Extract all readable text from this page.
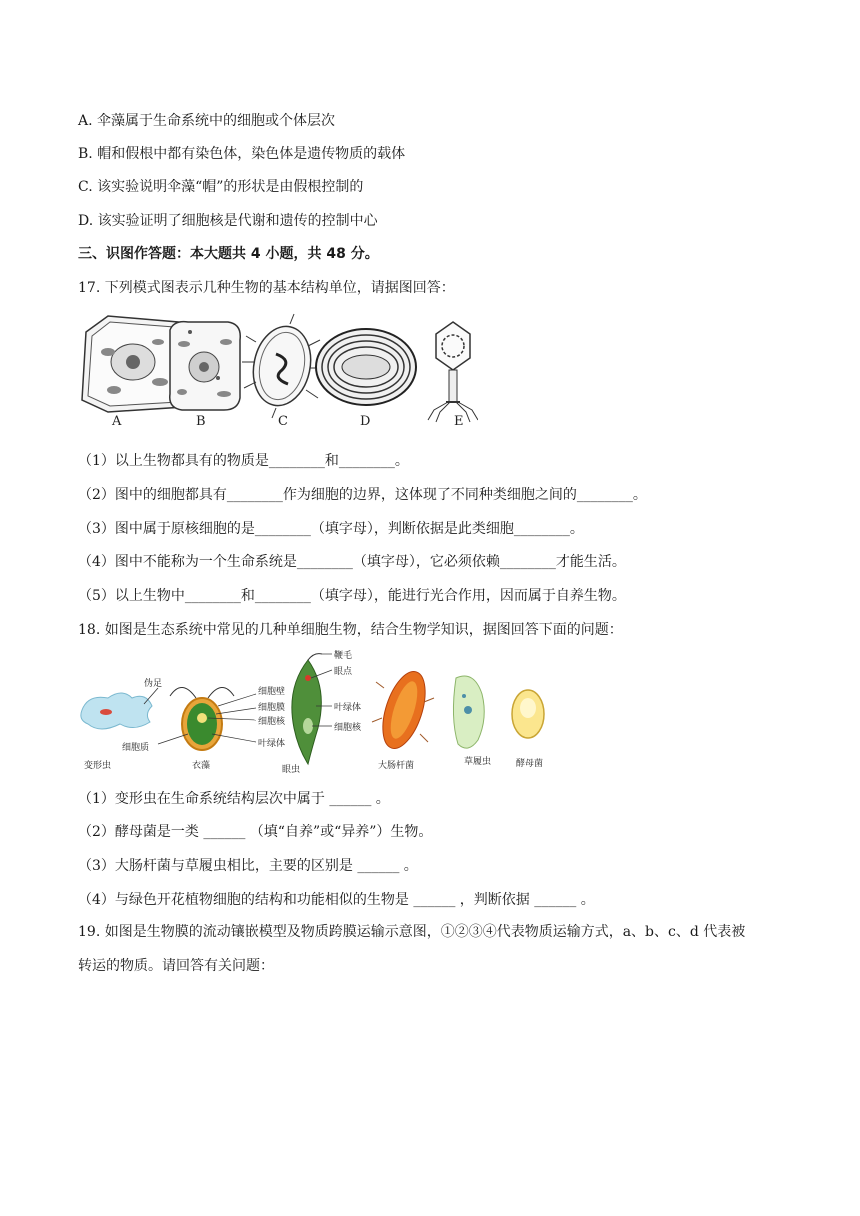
A. 伞藻属于生命系统中的细胞或个体层次
B. 帽和假根中都有染色体，染色体是遗传物质的载体
C. 该实验说明伞藻“帽”的形状是由假根控制的
D. 该实验证明了细胞核是代谢和遗传的控制中心
三、识图作答题：本大题共 4 小题，共 48 分。
17. 下列模式图表示几种生物的基本结构单位，请据图回答：
A	B	C	D	E
（1）以上生物都具有的物质是________和________。
（2）图中的细胞都具有________作为细胞的边界，这体现了不同种类细胞之间的________。
（3）图中属于原核细胞的是________（填字母），判断依据是此类细胞________。
（4）图中不能称为一个生命系统是________（填字母），它必须依赖________才能生活。
（5）以上生物中________和________（填字母），能进行光合作用，因而属于自养生物。
18. 如图是生态系统中常见的几种单细胞生物，结合生物学知识，据图回答下面的问题：
伪足
细胞壁
细胞膜
细胞核
叶绿体
细胞质
鞭毛
眼点
叶绿体
细胞核
变形虫	衣藻	眼虫	大肠杆菌	草履虫	酵母菌
（1）变形虫在生命系统结构层次中属于 ______ 。
（2）酵母菌是一类 ______ （填“自养”或“异养”）生物。
（3）大肠杆菌与草履虫相比，主要的区别是 ______ 。
（4）与绿色开花植物细胞的结构和功能相似的生物是 ______ ，判断依据 ______ 。
19. 如图是生物膜的流动镶嵌模型及物质跨膜运输示意图，①②③④代表物质运输方式，a、b、c、d 代表被
转运的物质。请回答有关问题：
